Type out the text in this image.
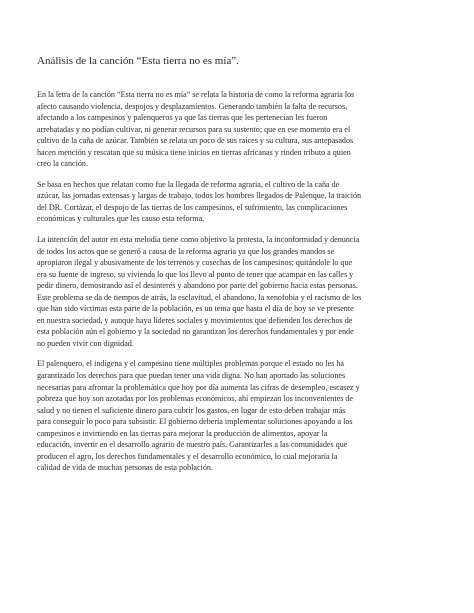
Análisis de la canción “Esta tierra no es mía”.

En la letra de la canción “Esta tierra no es mía” se relata la historia de como la reforma agraria los
afecto causando violencia, despojos y desplazamientos. Generando también la falta de recursos,
afectando a los campesinos y palenqueros ya que las tierras que les pertenecían les fueron
arrebatadas y no podían cultivar, ni generar recursos para su sustento; que en ese momento era el
cultivo de la caña de azúcar. También se relata un poco de sus raíces y su cultura, sus antepasados
hacen mención y rescatan que su música tiene inicios en tierras africanas y rinden tributo a quien
creo la canción.

Se basa en hechos que relatan como fue la llegada de reforma agraria, el cultivo de la caña de
azúcar, las jornadas extensas y largas de trabajo, todos los hombres llegados de Palenque, la traición
del DR. Cortázar, el despojo de las tierras de los campesinos, el sufrimiento, las complicaciones
económicas y culturales que les causo esta reforma.

La intención del autor en esta melodía tiene como objetivo la protesta, la inconformidad y denuncia
de todos los actos que se generó a causa de la reforma agraria ya que los grandes mandos se
apropiaron ilegal y abusivamente de los terrenos y cosechas de los campesinos; quitándole lo que
era su fuente de ingreso, su vivienda lo que los llevo al punto de tener que acampar en las calles y
pedir dinero, demostrando así el desinterés y abandono por parte del gobierno hacia estas personas.
Este problema se da de tiempos de atrás, la esclavitud, el abandono, la xenofobia y el racismo de los
que han sido víctimas esta parte de la población, es un tema que hasta el día de hoy se ve presente
en nuestra sociedad, y aunque haya líderes sociales y movimientos que defienden los derechos de
esta población aún el gobierno y la sociedad no garantizan los derechos fundamentales y por ende
no pueden vivir con dignidad.

El palenquero, el indígena y el campesino tiene múltiples problemas porque el estado no les ha
garantizado los derechos para que puedan tener una vida digna. No han aportado las soluciones
necesarias para afrontar la problemática que hoy por día aumenta las cifras de desempleo, escasez y
pobreza que hoy son azotadas por los problemas económicos, ahí empiezan los inconvenientes de
salud y no tienen el suficiente dinero para cubrir los gastos, en lugar de esto deben trabajar más
para conseguir lo poco para subsistir. El gobierno debería implementar soluciones apoyando a los
campesinos e invirtiendo en las tierras para mejorar la producción de alimentos, apoyar la
educación, invertir en el desarrollo agrario de nuestro país. Garantizarles a las comunidades que
producen el agro, los derechos fundamentales y el desarrollo económico, lo cual mejoraría la
calidad de vida de muchas personas de esta población.
